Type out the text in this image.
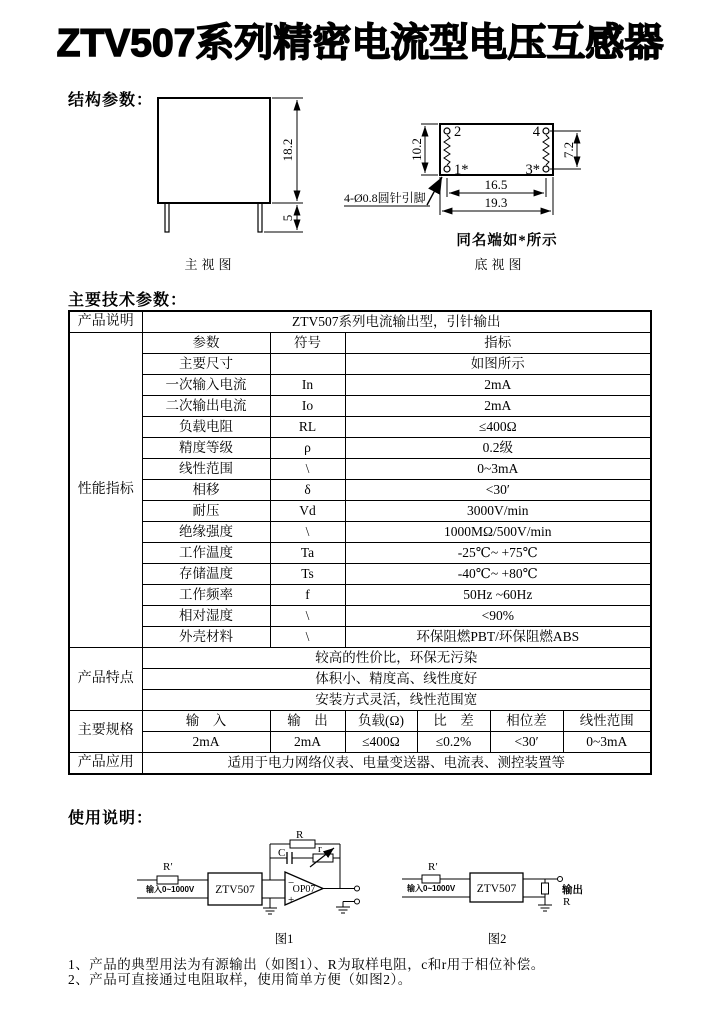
ZTV507系列精密电流型电压互感器
结构参数：
18.2
5
主视图
2	4
1*	3*
10.2	7.2
16.5
19.3
4-Ø0.8圆针引脚
同名端如*所示
底视图
主要技术参数：
产品说明	ZTV507系列电流输出型，引针输出					
性能指标	参数	符号	指标			
	主要尺寸		如图所示			
	一次输入电流	In	2mA			
	二次输出电流	Io	2mA			
	负载电阻	RL	≤400Ω			
	精度等级	ρ	0.2级			
	线性范围	\	0~3mA			
	相移	δ	<30′			
	耐压	Vd	3000V/min			
	绝缘强度	\	1000MΩ/500V/min			
	工作温度	Ta	-25℃~ +75℃			
	存储温度	Ts	-40℃~ +80℃			
	工作频率	f	50Hz ~60Hz			
	相对湿度	\	<90%			
	外壳材料	\	环保阻燃PBT/环保阻燃ABS			
产品特点	较高的性价比，环保无污染					
	体积小、精度高、线性度好					
	安装方式灵活，线性范围宽					
主要规格	输　入	输　出	负载(Ω)	比　差	相位差	线性范围
	2mA	2mA	≤400Ω	≤0.2%	<30′	0~3mA
产品应用	适用于电力网络仪表、电量变送器、电流表、测控装置等					
使用说明：
R′
输入0~1000V ZTV507
R
C	r
−
+
OP07
图1
R′
输入0~1000V ZTV507	输出
R
图2
1、产品的典型用法为有源输出（如图1）、R为取样电阻，c和r用于相位补偿。
2、产品可直接通过电阻取样，使用简单方便（如图2）。
